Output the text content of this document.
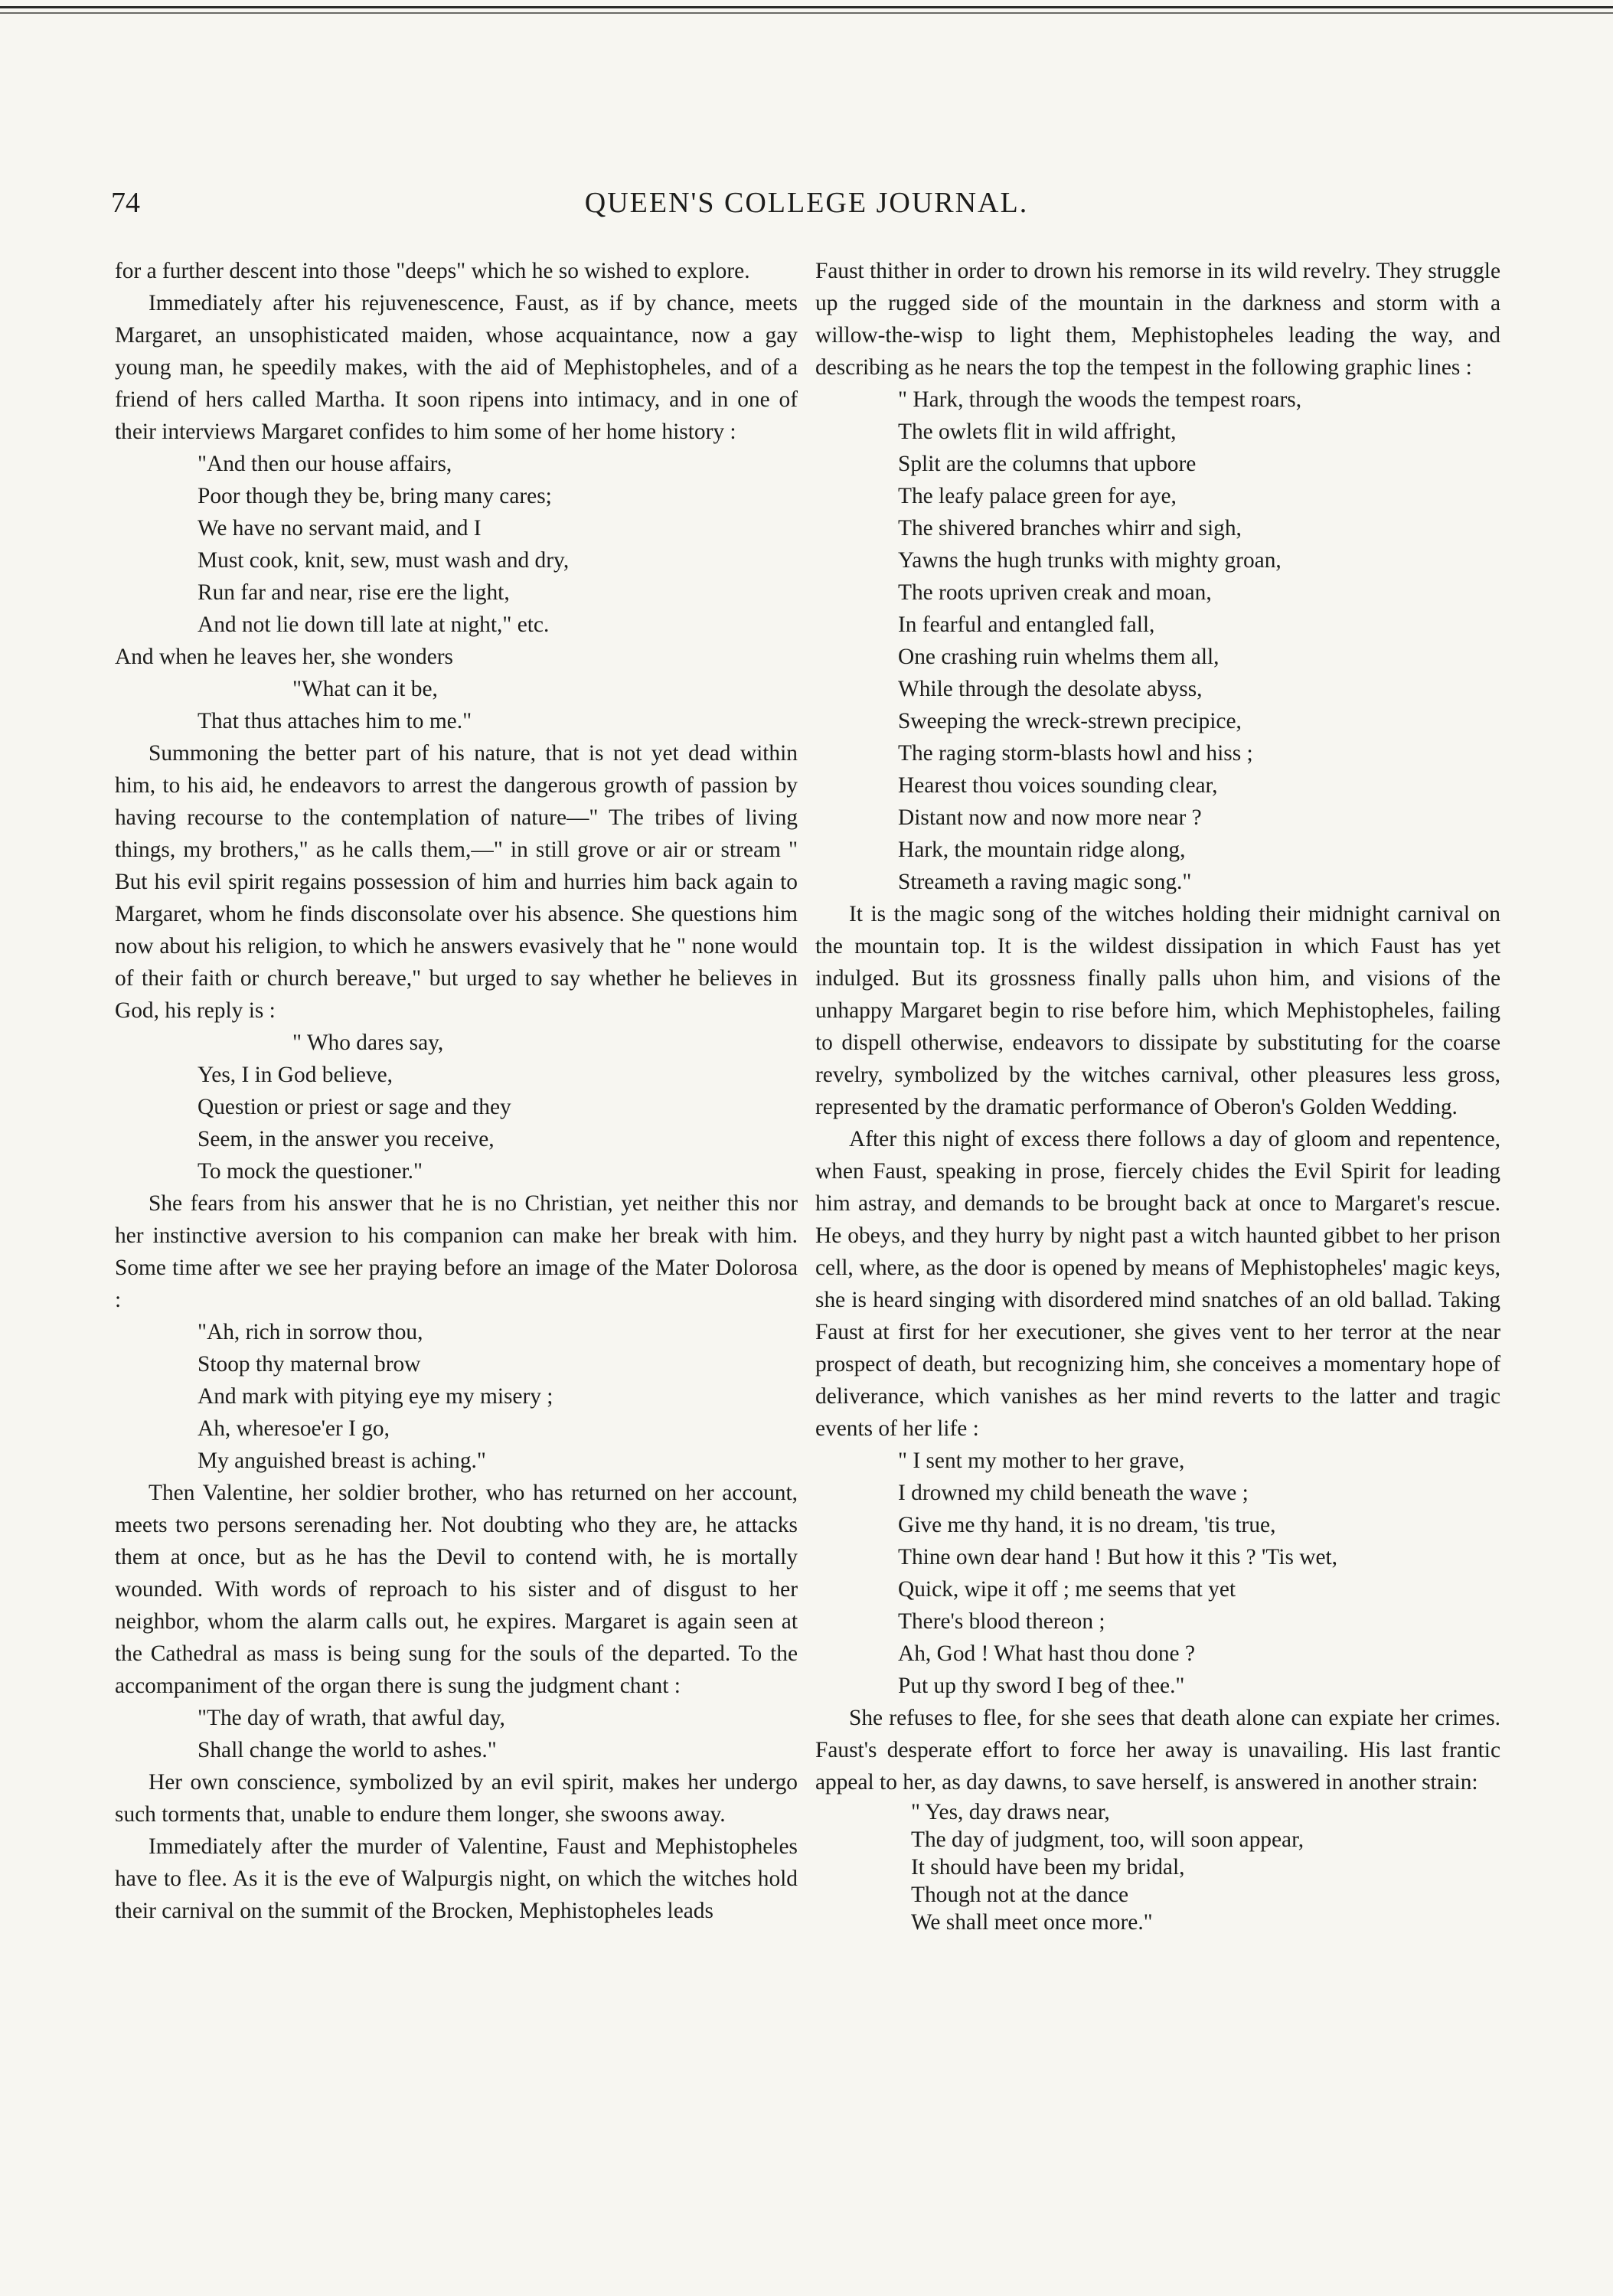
74	QUEEN'S COLLEGE JOURNAL.

for a further descent into those "deeps" which he so wished to explore.

Immediately after his rejuvenescence, Faust, as if by chance, meets Margaret, an unsophisticated maiden, whose acquaintance, now a gay young man, he speedily makes, with the aid of Mephistopheles, and of a friend of hers called Martha. It soon ripens into intimacy, and in one of their interviews Margaret confides to him some of her home history :

"And then our house affairs,
Poor though they be, bring many cares;
We have no servant maid, and I
Must cook, knit, sew, must wash and dry,
Run far and near, rise ere the light,
And not lie down till late at night," etc.

And when he leaves her, she wonders

"What can it be,
That thus attaches him to me."

Summoning the better part of his nature, that is not yet dead within him, to his aid, he endeavors to arrest the dangerous growth of passion by having recourse to the contemplation of nature—" The tribes of living things, my brothers," as he calls them,—" in still grove or air or stream " But his evil spirit regains possession of him and hurries him back again to Margaret, whom he finds disconsolate over his absence. She questions him now about his religion, to which he answers evasively that he " none would of their faith or church bereave," but urged to say whether he believes in God, his reply is :

" Who dares say,
Yes, I in God believe,
Question or priest or sage and they
Seem, in the answer you receive,
To mock the questioner."

She fears from his answer that he is no Christian, yet neither this nor her instinctive aversion to his companion can make her break with him. Some time after we see her praying before an image of the Mater Dolorosa :

"Ah, rich in sorrow thou,
Stoop thy maternal brow
And mark with pitying eye my misery ;
Ah, wheresoe'er I go,
My anguished breast is aching."

Then Valentine, her soldier brother, who has returned on her account, meets two persons serenading her. Not doubting who they are, he attacks them at once, but as he has the Devil to contend with, he is mortally wounded. With words of reproach to his sister and of disgust to her neighbor, whom the alarm calls out, he expires. Margaret is again seen at the Cathedral as mass is being sung for the souls of the departed. To the accompaniment of the organ there is sung the judgment chant :

"The day of wrath, that awful day,
Shall change the world to ashes."

Her own conscience, symbolized by an evil spirit, makes her undergo such torments that, unable to endure them longer, she swoons away.

Immediately after the murder of Valentine, Faust and Mephistopheles have to flee. As it is the eve of Walpurgis night, on which the witches hold their carnival on the summit of the Brocken, Mephistopheles leads

Faust thither in order to drown his remorse in its wild revelry. They struggle up the rugged side of the mountain in the darkness and storm with a willow-the-wisp to light them, Mephistopheles leading the way, and describing as he nears the top the tempest in the following graphic lines :

" Hark, through the woods the tempest roars,
The owlets flit in wild affright,
Split are the columns that upbore
The leafy palace green for aye,
The shivered branches whirr and sigh,
Yawns the hugh trunks with mighty groan,
The roots upriven creak and moan,
In fearful and entangled fall,
One crashing ruin whelms them all,
While through the desolate abyss,
Sweeping the wreck-strewn precipice,
The raging storm-blasts howl and hiss ;
Hearest thou voices sounding clear,
Distant now and now more near ?
Hark, the mountain ridge along,
Streameth a raving magic song."

It is the magic song of the witches holding their midnight carnival on the mountain top. It is the wildest dissipation in which Faust has yet indulged. But its grossness finally palls uhon him, and visions of the unhappy Margaret begin to rise before him, which Mephistopheles, failing to dispell otherwise, endeavors to dissipate by substituting for the coarse revelry, symbolized by the witches carnival, other pleasures less gross, represented by the dramatic performance of Oberon's Golden Wedding.

After this night of excess there follows a day of gloom and repentence, when Faust, speaking in prose, fiercely chides the Evil Spirit for leading him astray, and demands to be brought back at once to Margaret's rescue. He obeys, and they hurry by night past a witch haunted gibbet to her prison cell, where, as the door is opened by means of Mephistopheles' magic keys, she is heard singing with disordered mind snatches of an old ballad. Taking Faust at first for her executioner, she gives vent to her terror at the near prospect of death, but recognizing him, she conceives a momentary hope of deliverance, which vanishes as her mind reverts to the latter and tragic events of her life :

" I sent my mother to her grave,
I drowned my child beneath the wave ;
Give me thy hand, it is no dream, 'tis true,
Thine own dear hand ! But how it this ? 'Tis wet,
Quick, wipe it off ; me seems that yet
There's blood thereon ;
Ah, God ! What hast thou done ?
Put up thy sword I beg of thee."

She refuses to flee, for she sees that death alone can expiate her crimes. Faust's desperate effort to force her away is unavailing. His last frantic appeal to her, as day dawns, to save herself, is answered in another strain:

" Yes, day draws near,
The day of judgment, too, will soon appear,
It should have been my bridal,
Though not at the dance
We shall meet once more."
